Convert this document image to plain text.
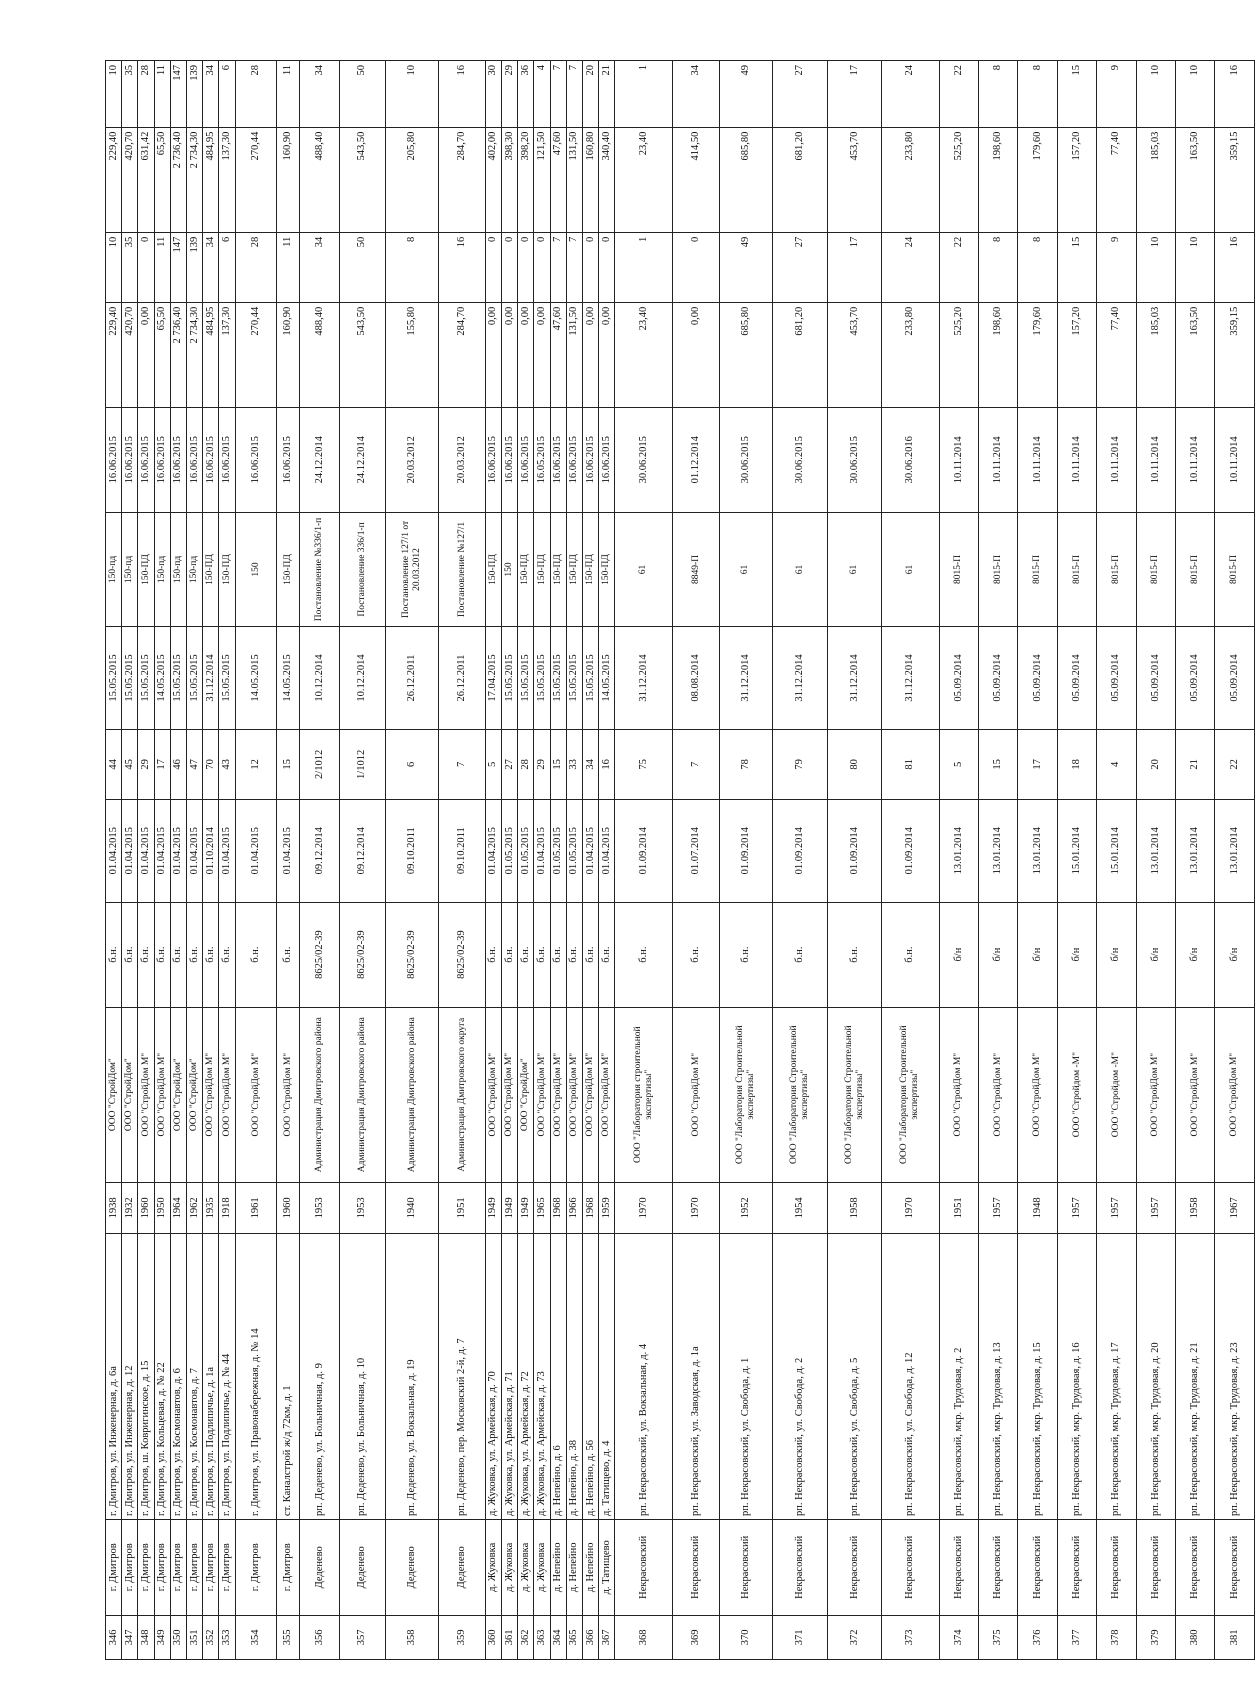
346	г. Дмитров	г. Дмитров, ул. Инженерная, д. 6а	1938	ООО "СтройДом"	б.н.	01.04.2015	44	15.05.2015	150-пд	16.06.2015	229,40	10	229,40	10
347	г. Дмитров	г. Дмитров, ул. Инженерная, д. 12	1932	ООО "СтройДом"	б.н.	01.04.2015	45	15.05.2015	150-пд	16.06.2015	420,70	35	420,70	35
348	г. Дмитров	г. Дмитров, ш. Ковригинское, д. 15	1960	ООО "СтройДом М"	б.н.	01.04.2015	29	15.05.2015	150-ПД	16.06.2015	0,00	0	631,42	28
349	г. Дмитров	г. Дмитров, ул. Кольцевая, д. № 22	1950	ООО "СтройДом М"	б.н.	01.04.2015	17	14.05.2015	150-пд	16.06.2015	65,50	11	65,50	11
350	г. Дмитров	г. Дмитров, ул. Космонавтов, д. 6	1964	ООО "СтройДом"	б.н.	01.04.2015	46	15.05.2015	150-пд	16.06.2015	2 736,40	147	2 736,40	147
351	г. Дмитров	г. Дмитров, ул. Космонавтов, д. 7	1962	ООО "СтройДом"	б.н.	01.04.2015	47	15.05.2015	150-пд	16.06.2015	2 734,30	139	2 734,30	139
352	г. Дмитров	г. Дмитров, ул. Подлипичье, д. 1а	1935	ООО "СтройДом М"	б.н.	01.10.2014	70	31.12.2014	150-ПД	16.06.2015	484,95	34	484,95	34
353	г. Дмитров	г. Дмитров, ул. Подлипичье, д. № 44	1918	ООО "СтройДом М"	б.н.	01.04.2015	43	15.05.2015	150-ПД	16.06.2015	137,30	6	137,30	6
354	г. Дмитров	г. Дмитров, ул. Правонабережная, д. № 14	1961	ООО "СтройДом М"	б.н.	01.04.2015	12	14.05.2015	150	16.06.2015	270,44	28	270,44	28
355	г. Дмитров	ст. Каналстрой ж/д 72км, д. 1	1960	ООО "СтройДом М"	б.н.	01.04.2015	15	14.05.2015	150-ПД	16.06.2015	160,90	11	160,90	11
356	Деденево	рп. Деденево, ул. Больничная, д. 9	1953	Администрация Дмитровского района	8625/02-39	09.12.2014	2/1012	10.12.2014	Постановление №336/1-п	24.12.2014	488,40	34	488,40	34
357	Деденево	рп. Деденево, ул. Больничная, д. 10	1953	Администрация Дмитровского района	8625/02-39	09.12.2014	1/1012	10.12.2014	Постановление 336/1-п	24.12.2014	543,50	50	543,50	50
358	Деденево	рп. Деденево, ул. Вокзальная, д. 19	1940	Администрация Дмитровского района	8625/02-39	09.10.2011	6	26.12.2011	Постановление 127/1 от 20.03.2012	20.03.2012	155,80	8	205,80	10
359	Деденево	рп. Деденево, пер. Московский 2-й, д. 7	1951	Администрация Дмитровского округа	8625/02-39	09.10.2011	7	26.12.2011	Постановление №127/1	20.03.2012	284,70	16	284,70	16
360	д. Жуковка	д. Жуковка, ул. Армейская, д. 70	1949	ООО "СтройДом М"	б.н.	01.04.2015	5	17.04.2015	150-ПД	16.06.2015	0,00	0	402,00	30
361	д. Жуковка	д. Жуковка, ул. Армейская, д. 71	1949	ООО "СтройДом М"	б.н.	01.05.2015	27	15.05.2015	150	16.06.2015	0,00	0	398,30	29
362	д. Жуковка	д. Жуковка, ул. Армейская, д. 72	1949	ООО "СтройДом"	б.н.	01.05.2015	28	15.05.2015	150-ПД	16.06.2015	0,00	0	398,20	36
363	д. Жуковка	д. Жуковка, ул. Армейская, д. 73	1965	ООО "СтройДом М"	б.н.	01.04.2015	29	15.05.2015	150-ПД	16.05.2015	0,00	0	121,50	4
364	д. Непейно	д. Непейно, д. 6	1968	ООО "СтройДом М"	б.н.	01.05.2015	15	15.05.2015	150-ПД	16.06.2015	47,60	7	47,60	7
365	д. Непейно	д. Непейно, д. 38	1966	ООО "СтройДом М"	б.н.	01.05.2015	33	15.05.2015	150-ПД	16.06.2015	131,50	7	131,50	7
366	д. Непейно	д. Непейно, д. 56	1968	ООО "СтройДом М"	б.н.	01.04.2015	34	15.05.2015	150-ПД	16.06.2015	0,00	0	160,80	20
367	д. Татищево	д. Татищево, д. 4	1959	ООО "СтройДом М"	б.н.	01.04.2015	16	14.05.2015	150-ПД	16.06.2015	0,00	0	340,40	21
368	Некрасовский	рп. Некрасовский, ул. Вокзальная, д. 4	1970	ООО "Лаборатория строительной экспертизы"	б.н.	01.09.2014	75	31.12.2014	61	30.06.2015	23,40	1	23,40	1
369	Некрасовский	рп. Некрасовский, ул. Заводская, д. 1а	1970	ООО "СтройДом М"	б.н.	01.07.2014	7	08.08.2014	8849-П	01.12.2014	0,00	0	414,50	34
370	Некрасовский	рп. Некрасовский, ул. Свобода, д. 1	1952	ООО "Лаборатория Строительной экспертизы"	б.н.	01.09.2014	78	31.12.2014	61	30.06.2015	685,80	49	685,80	49
371	Некрасовский	рп. Некрасовский, ул. Свобода, д. 2	1954	ООО "Лаборатория Строительной экспертизы"	б.н.	01.09.2014	79	31.12.2014	61	30.06.2015	681,20	27	681,20	27
372	Некрасовский	рп. Некрасовский, ул. Свобода, д. 5	1958	ООО "Лаборатория Строительной экспертизы"	б.н.	01.09.2014	80	31.12.2014	61	30.06.2015	453,70	17	453,70	17
373	Некрасовский	рп. Некрасовский, ул. Свобода, д. 12	1970	ООО "Лаборатория Строительной экспертизы"	б.н.	01.09.2014	81	31.12.2014	61	30.06.2016	233,80	24	233,80	24
374	Некрасовский	рп. Некрасовский, мкр. Трудовая, д. 2	1951	ООО "СтройДом М"	б/н	13.01.2014	5	05.09.2014	8015-П	10.11.2014	525,20	22	525,20	22
375	Некрасовский	рп. Некрасовский, мкр. Трудовая, д. 13	1957	ООО "СтройДом М"	б/н	13.01.2014	15	05.09.2014	8015-П	10.11.2014	198,60	8	198,60	8
376	Некрасовский	рп. Некрасовский, мкр. Трудовая, д. 15	1948	ООО "СтройДом М"	б/н	13.01.2014	17	05.09.2014	8015-П	10.11.2014	179,60	8	179,60	8
377	Некрасовский	рп. Некрасовский, мкр. Трудовая, д. 16	1957	ООО "Стройдом -М"	б/н	15.01.2014	18	05.09.2014	8015-П	10.11.2014	157,20	15	157,20	15
378	Некрасовский	рп. Некрасовский, мкр. Трудовая, д. 17	1957	ООО "Стройдом -М"	б/н	15.01.2014	4	05.09.2014	8015-П	10.11.2014	77,40	9	77,40	9
379	Некрасовский	рп. Некрасовский, мкр. Трудовая, д. 20	1957	ООО "СтройДом М"	б/н	13.01.2014	20	05.09.2014	8015-П	10.11.2014	185,03	10	185,03	10
380	Некрасовский	рп. Некрасовский, мкр. Трудовая, д. 21	1958	ООО "СтройДом М"	б/н	13.01.2014	21	05.09.2014	8015-П	10.11.2014	163,50	10	163,50	10
381	Некрасовский	рп. Некрасовский, мкр. Трудовая, д. 23	1967	ООО "СтройДом М"	б/н	13.01.2014	22	05.09.2014	8015-П	10.11.2014	359,15	16	359,15	16
